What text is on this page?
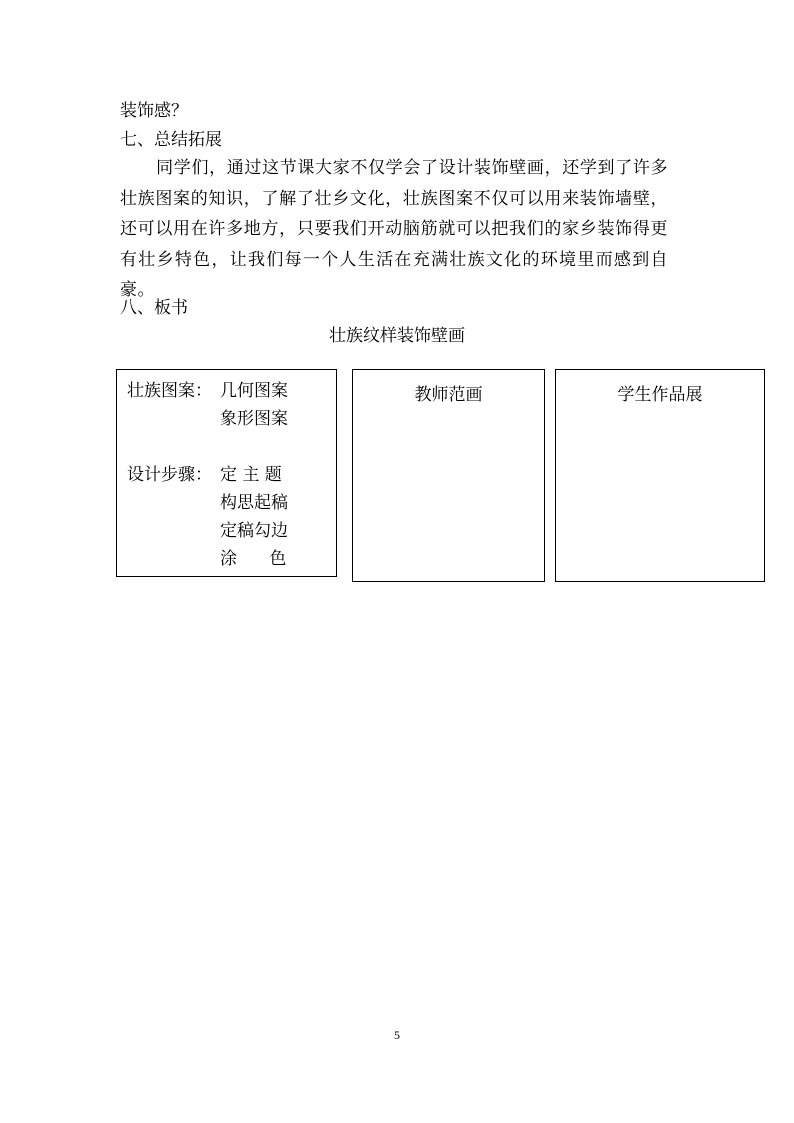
装饰感？
七、总结拓展
同学们，通过这节课大家不仅学会了设计装饰壁画，还学到了许多壮族图案的知识，了解了壮乡文化，壮族图案不仅可以用来装饰墙壁，还可以用在许多地方，只要我们开动脑筋就可以把我们的家乡装饰得更有壮乡特色，让我们每一个人生活在充满壮族文化的环境里而感到自豪。
八、板书
壮族纹样装饰壁画
壮族图案： 几何图案
象形图案
设计步骤： 定 主 题
构思起稿
定稿勾边
涂      色
教师范画	学生作品展
5
